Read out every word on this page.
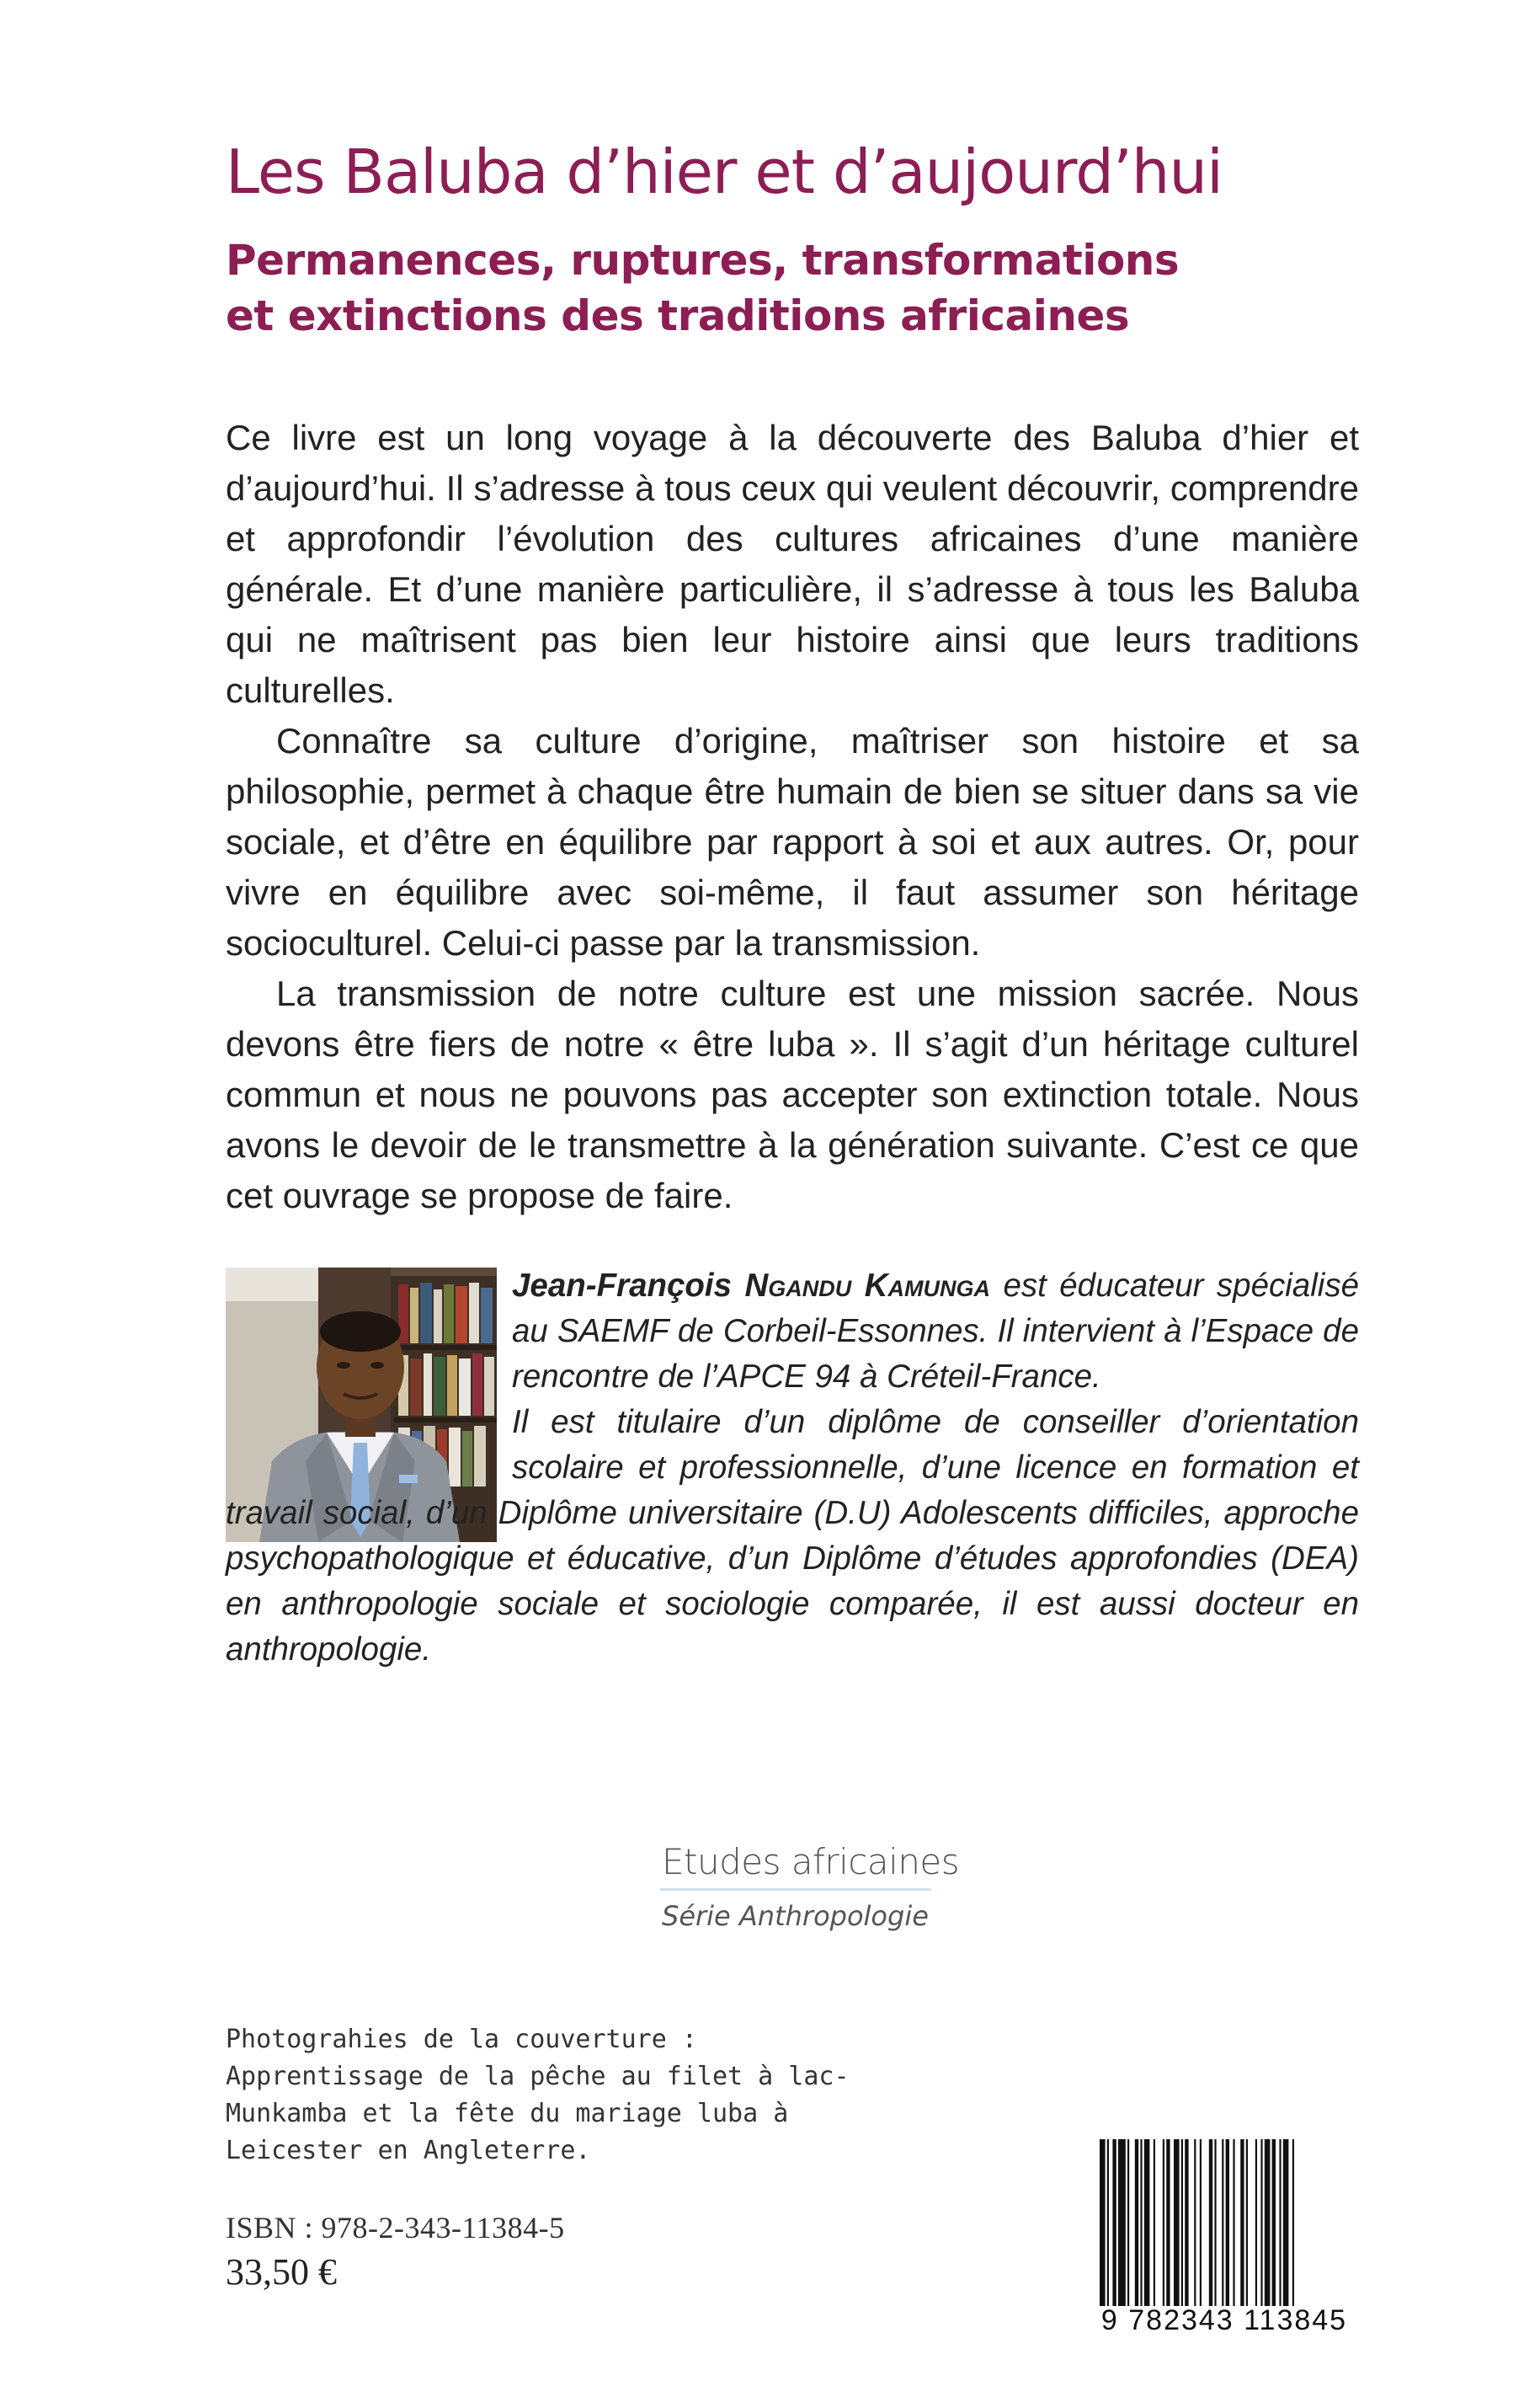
Les Baluba d’hier et d’aujourd’hui
Permanences, ruptures, transformations
et extinctions des traditions africaines

Ce livre est un long voyage à la découverte des Baluba d’hier et d’aujourd’hui. Il s’adresse à tous ceux qui veulent découvrir, comprendre et approfondir l’évolution des cultures africaines d’une manière générale. Et d’une manière particulière, il s’adresse à tous les Baluba qui ne maîtrisent pas bien leur histoire ainsi que leurs traditions culturelles.

Connaître sa culture d’origine, maîtriser son histoire et sa philosophie, permet à chaque être humain de bien se situer dans sa vie sociale, et d’être en équilibre par rapport à soi et aux autres. Or, pour vivre en équilibre avec soi-même, il faut assumer son héritage socioculturel. Celui-ci passe par la transmission.

La transmission de notre culture est une mission sacrée. Nous devons être fiers de notre « être luba ». Il s’agit d’un héritage culturel commun et nous ne pouvons pas accepter son extinction totale. Nous avons le devoir de le transmettre à la génération suivante. C’est ce que cet ouvrage se propose de faire.

Jean-François Ngandu Kamunga est éducateur spécialisé au SAEMF de Corbeil-Essonnes. Il intervient à l’Espace de rencontre de l’APCE 94 à Créteil-France.

Il est titulaire d’un diplôme de conseiller d’orientation scolaire et professionnelle, d’une licence en formation et travail social, d’un Diplôme universitaire (D.U) Adolescents difficiles, approche psychopathologique et éducative, d’un Diplôme d’études approfondies (DEA) en anthropologie sociale et sociologie comparée, il est aussi docteur en anthropologie.

Etudes africaines
Série Anthropologie
Photograhies de la couverture : Apprentissage de la pêche au filet à lac-Munkamba et la fête du mariage luba à Leicester en Angleterre.
ISBN : 978-2-343-11384-5
33,50 €
9 782343 113845
